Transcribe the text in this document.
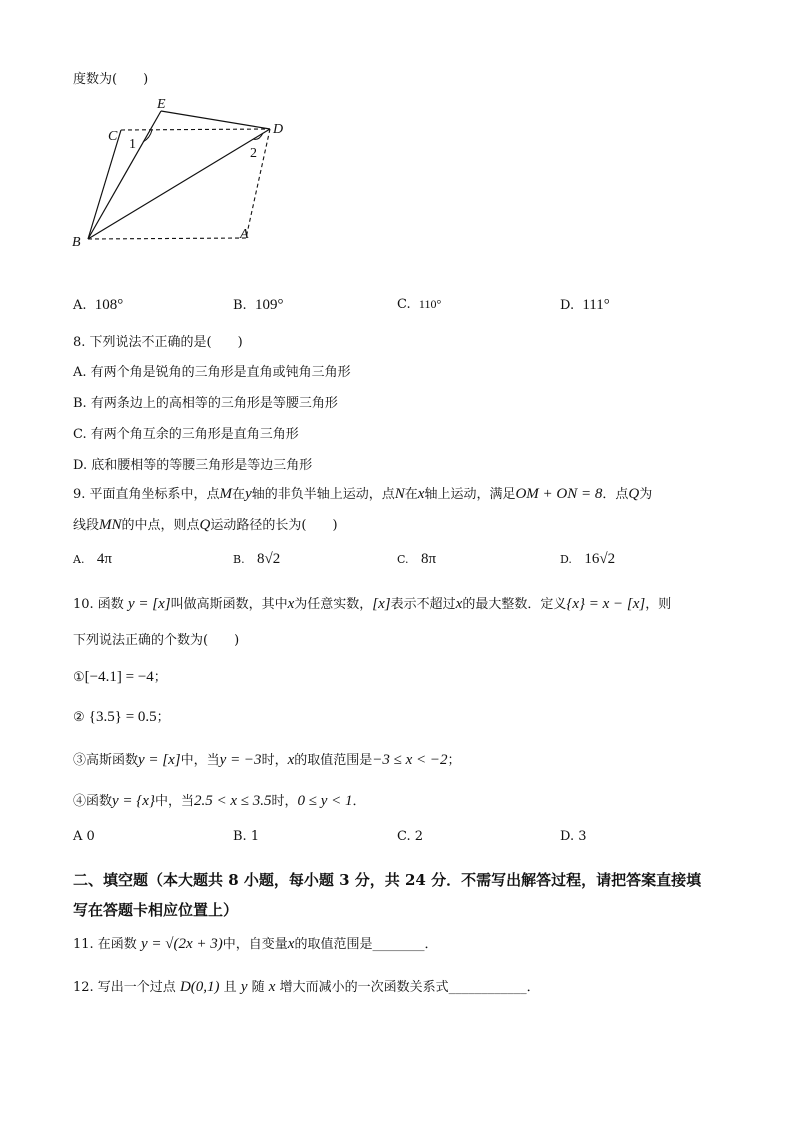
度数为(　　)
E
C	D
B
A
1
2
A. 108°	B. 109°	C. 110°	D. 111°
8. 下列说法不正确的是(　　)
A. 有两个角是锐角的三角形是直角或钝角三角形
B. 有两条边上的高相等的三角形是等腰三角形
C. 有两个角互余的三角形是直角三角形
D. 底和腰相等的等腰三角形是等边三角形
9. 平面直角坐标系中，点M在y轴的非负半轴上运动，点N在x轴上运动，满足OM + ON = 8．点Q为
线段MN的中点，则点Q运动路径的长为(　　)
A. 4π	B. 8√2	C. 8π	D. 16√2
10. 函数 y = [x]叫做高斯函数，其中x为任意实数，[x]表示不超过x的最大整数．定义{x} = x − [x]，则
下列说法正确的个数为(　　)
①[−4.1] = −4；
② {3.5} = 0.5；
③高斯函数y = [x]中，当y = −3时，x的取值范围是−3 ≤ x < −2；
④函数y = {x}中，当2.5 < x ≤ 3.5时，0 ≤ y < 1．
A 0	B. 1	C. 2	D. 3
二、填空题（本大题共 8 小题，每小题 3 分，共 24 分．不需写出解答过程，请把答案直接填
写在答题卡相应位置上）
11. 在函数 y = √(2x + 3)中，自变量x的取值范围是________．
12. 写出一个过点 D(0,1) 且 y 随 x 增大而减小的一次函数关系式____________．
